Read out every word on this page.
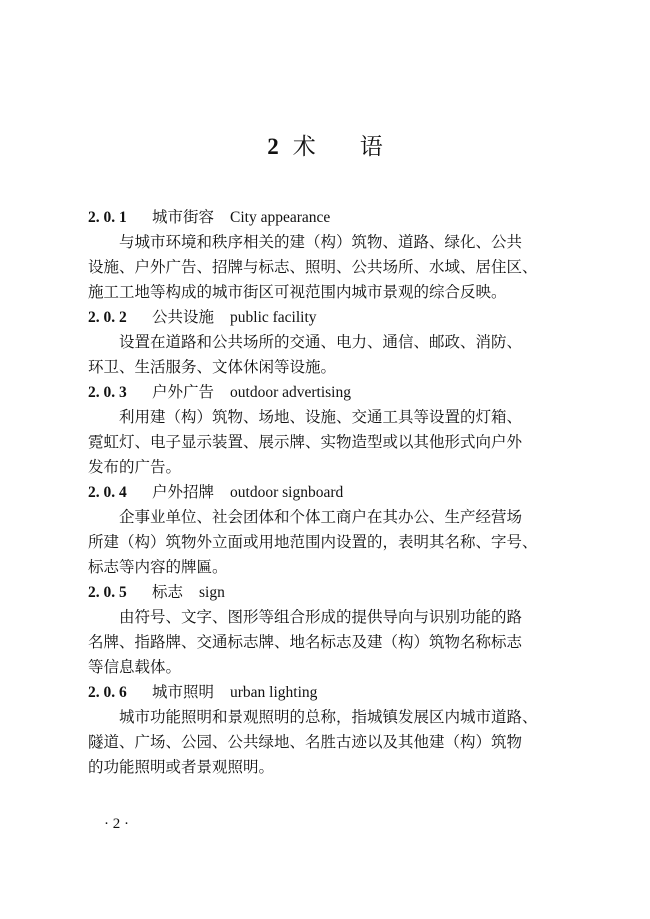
2 术 语
2. 0. 1 城市街容 City appearance
与城市环境和秩序相关的建（构）筑物、道路、绿化、公共
设施、户外广告、招牌与标志、照明、公共场所、水域、居住区、
施工工地等构成的城市街区可视范围内城市景观的综合反映。
2. 0. 2 公共设施 public facility
设置在道路和公共场所的交通、电力、通信、邮政、消防、
环卫、生活服务、文体休闲等设施。
2. 0. 3 户外广告 outdoor advertising
利用建（构）筑物、场地、设施、交通工具等设置的灯箱、
霓虹灯、电子显示装置、展示牌、实物造型或以其他形式向户外
发布的广告。
2. 0. 4 户外招牌 outdoor signboard
企事业单位、社会团体和个体工商户在其办公、生产经营场
所建（构）筑物外立面或用地范围内设置的，表明其名称、字号、
标志等内容的牌匾。
2. 0. 5 标志 sign
由符号、文字、图形等组合形成的提供导向与识别功能的路
名牌、指路牌、交通标志牌、地名标志及建（构）筑物名称标志
等信息载体。
2. 0. 6 城市照明 urban lighting
城市功能照明和景观照明的总称，指城镇发展区内城市道路、
隧道、广场、公园、公共绿地、名胜古迹以及其他建（构）筑物
的功能照明或者景观照明。
· 2 ·
